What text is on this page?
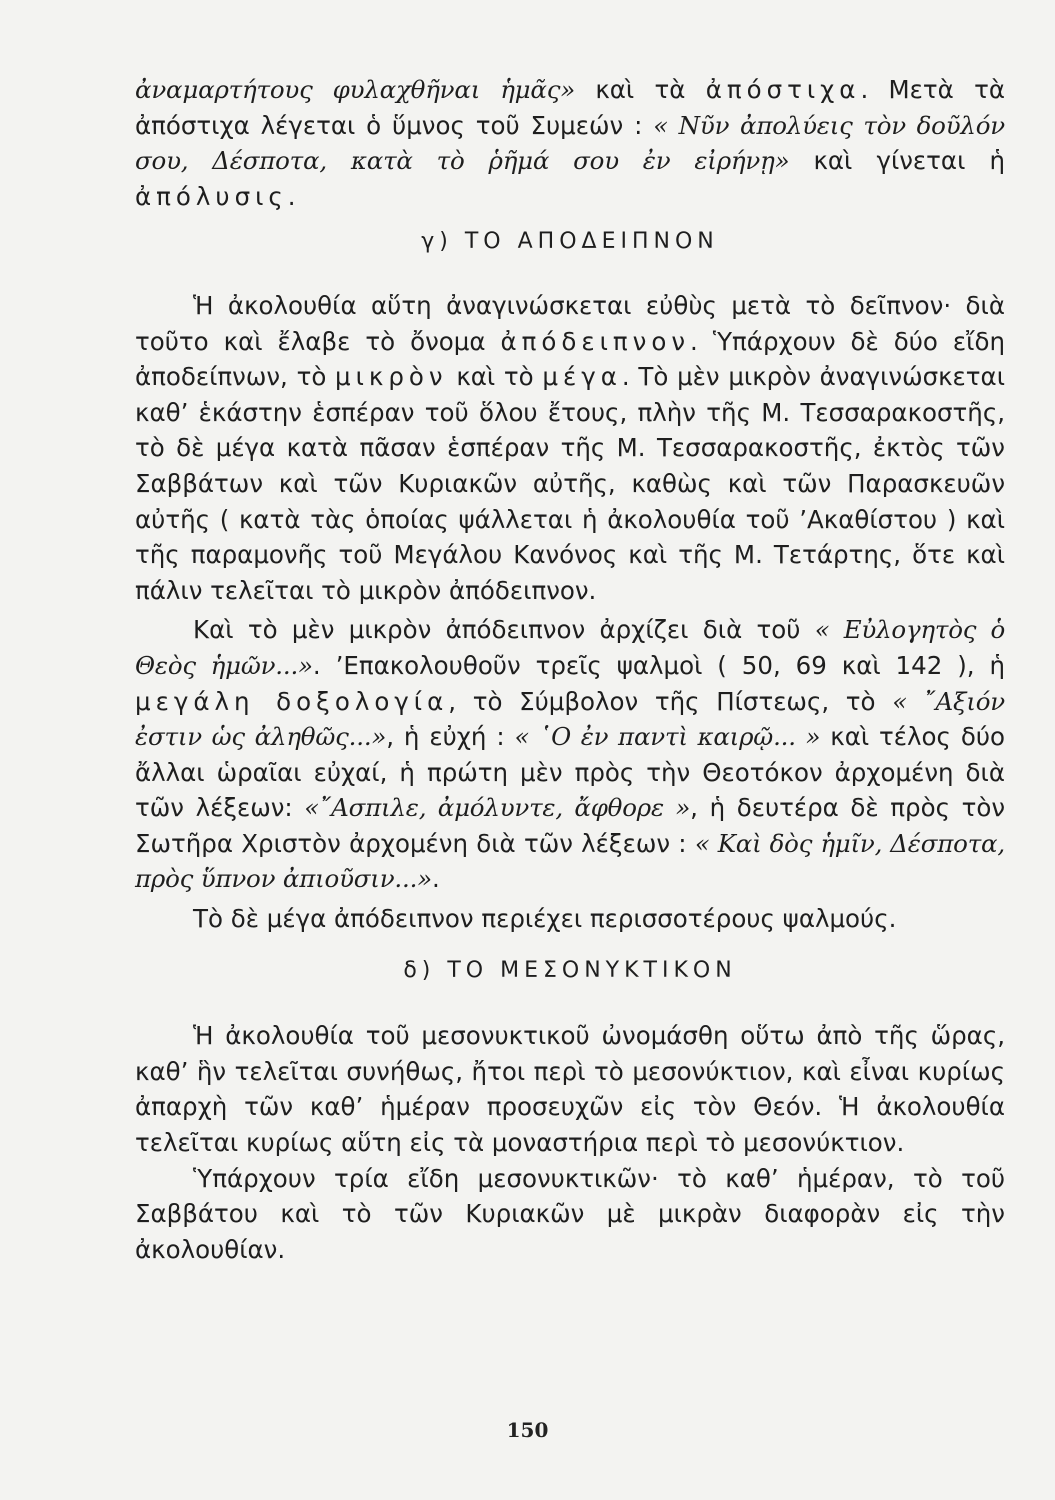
ἀναμαρτήτους φυλαχθῆναι ἡμᾶς» καὶ τὰ ἀπόστιχα. Μετὰ τὰ ἀπόστιχα λέγεται ὁ ὕμνος τοῦ Συμεών : « Νῦν ἀπολύεις τὸν δοῦλόν σου, Δέσποτα, κατὰ τὸ ῥῆμά σου ἐν εἰρήνῃ» καὶ γίνεται ἡ ἀπόλυσις.

γ) ΤΟ ΑΠΟΔΕΙΠΝΟΝ

Ἡ ἀκολουθία αὕτη ἀναγινώσκεται εὐθὺς μετὰ τὸ δεῖπνον· διὰ τοῦτο καὶ ἔλαβε τὸ ὄνομα ἀπόδειπνον. Ὑπάρχουν δὲ δύο εἴδη ἀποδείπνων, τὸ μικρὸν καὶ τὸ μέγα. Τὸ μὲν μικρὸν ἀναγινώσκεται καθ’ ἑκάστην ἑσπέραν τοῦ ὅλου ἔτους, πλὴν τῆς Μ. Τεσσαρακοστῆς, τὸ δὲ μέγα κατὰ πᾶσαν ἑσπέραν τῆς Μ. Τεσσαρακοστῆς, ἐκτὸς τῶν Σαββάτων καὶ τῶν Κυριακῶν αὐτῆς, καθὼς καὶ τῶν Παρασκευῶν αὐτῆς ( κατὰ τὰς ὁποίας ψάλλεται ἡ ἀκολουθία τοῦ ’Ακαθίστου ) καὶ τῆς παραμονῆς τοῦ Μεγάλου Κανόνος καὶ τῆς Μ. Τετάρτης, ὅτε καὶ πάλιν τελεῖται τὸ μικρὸν ἀπόδειπνον.

Καὶ τὸ μὲν μικρὸν ἀπόδειπνον ἀρχίζει διὰ τοῦ « Εὐλογητὸς ὁ Θεὸς ἡμῶν...». ’Επακολουθοῦν τρεῖς ψαλμοὶ ( 50, 69 καὶ 142 ), ἡ μεγάλη δοξολογία, τὸ Σύμβολον τῆς Πίστεως, τὸ « ῎Αξιόν ἐστιν ὡς ἀληθῶς...», ἡ εὐχή : « ῾Ο ἐν παντὶ καιρῷ... » καὶ τέλος δύο ἄλλαι ὡραῖαι εὐχαί, ἡ πρώτη μὲν πρὸς τὴν Θεοτόκον ἀρχομένη διὰ τῶν λέξεων: «῎Ασπιλε, ἀμόλυντε, ἄφθορε », ἡ δευτέρα δὲ πρὸς τὸν Σωτῆρα Χριστὸν ἀρχομένη διὰ τῶν λέξεων : « Καὶ δὸς ἡμῖν, Δέσποτα, πρὸς ὕπνον ἀπιοῦσιν...».

Τὸ δὲ μέγα ἀπόδειπνον περιέχει περισσοτέρους ψαλμούς.

δ) ΤΟ ΜΕΣΟΝΥΚΤΙΚΟΝ

Ἡ ἀκολουθία τοῦ μεσονυκτικοῦ ὠνομάσθη οὕτω ἀπὸ τῆς ὥρας, καθ’ ἣν τελεῖται συνήθως, ἤτοι περὶ τὸ μεσονύκτιον, καὶ εἶναι κυρίως ἀπαρχὴ τῶν καθ’ ἡμέραν προσευχῶν εἰς τὸν Θεόν. Ἡ ἀκολουθία τελεῖται κυρίως αὕτη εἰς τὰ μοναστήρια περὶ τὸ μεσονύκτιον.

Ὑπάρχουν τρία εἴδη μεσονυκτικῶν· τὸ καθ’ ἡμέραν, τὸ τοῦ Σαββάτου καὶ τὸ τῶν Κυριακῶν μὲ μικρὰν διαφορὰν εἰς τὴν ἀκολουθίαν.

150
